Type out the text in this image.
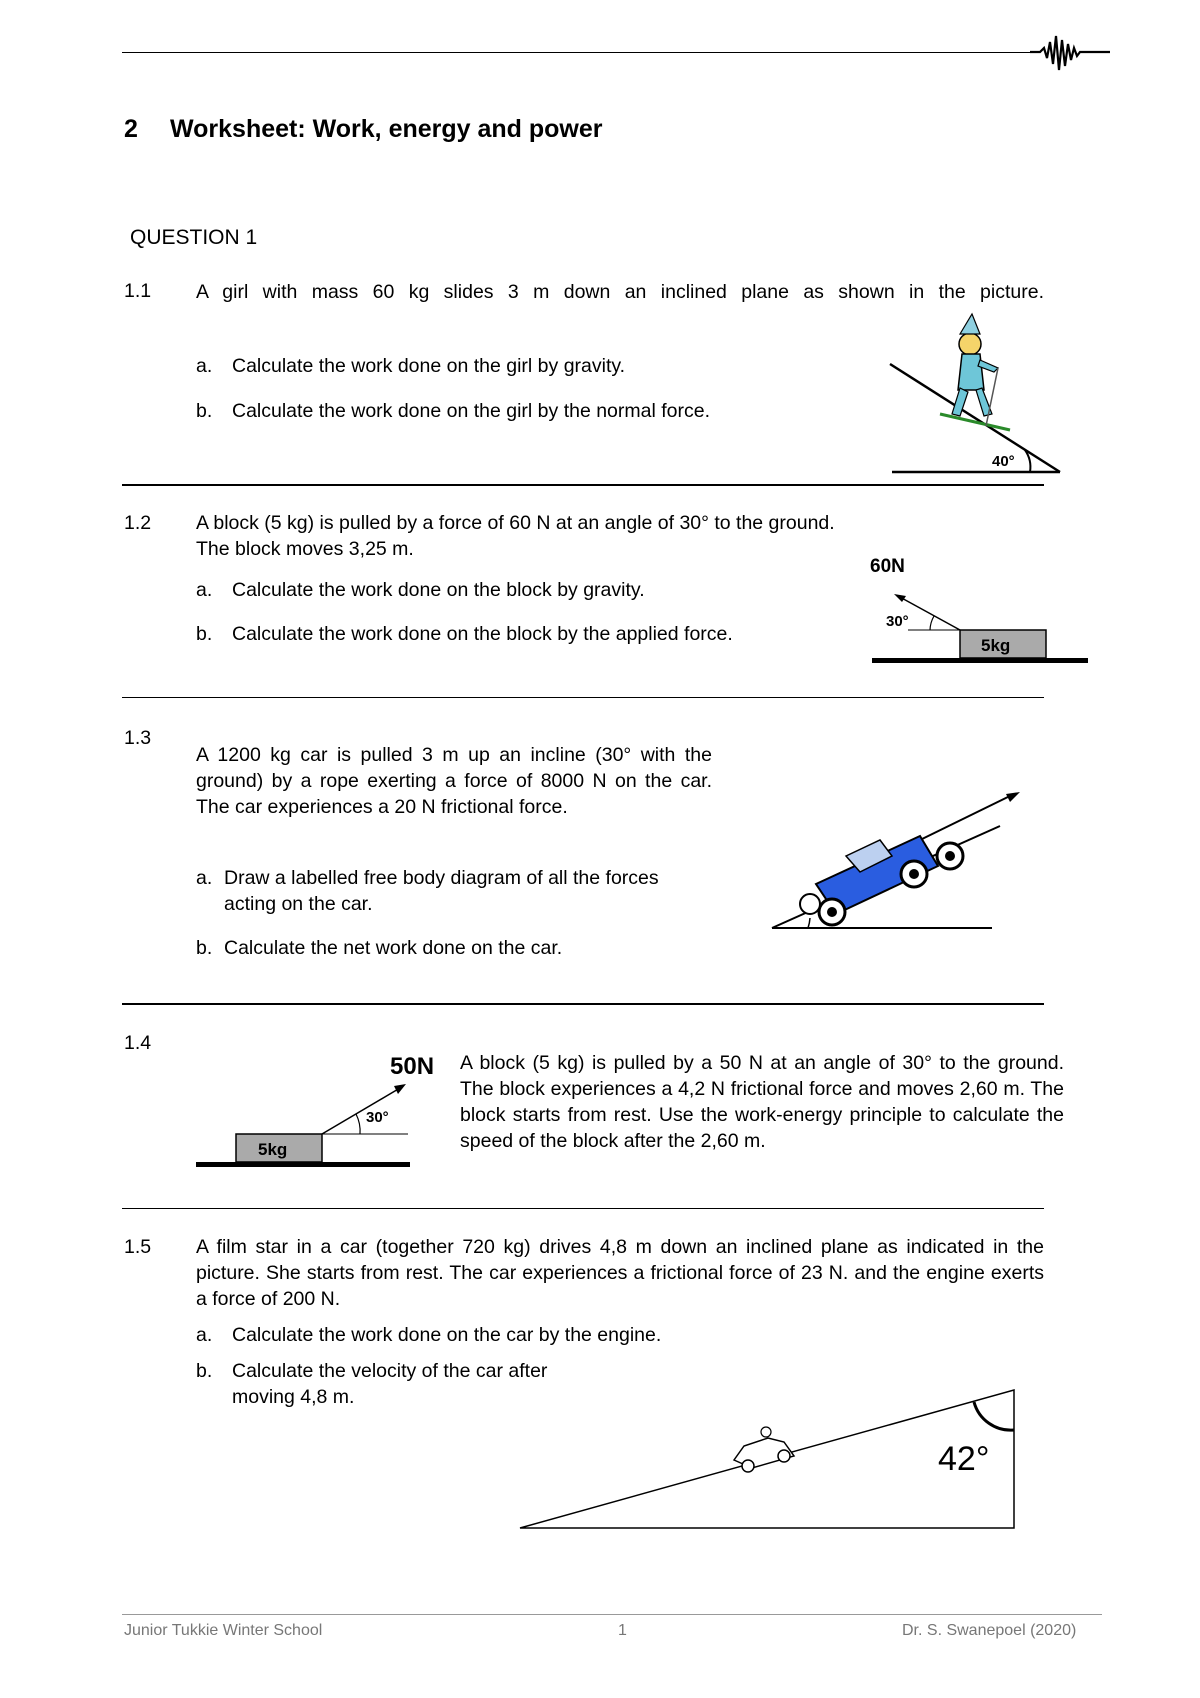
2 Worksheet: Work, energy and power
QUESTION 1
1.1 A girl with mass 60 kg slides 3 m down an inclined plane as shown in the picture.
a. Calculate the work done on the girl by gravity.
b. Calculate the work done on the girl by the normal force.
40°
1.2 A block (5 kg) is pulled by a force of 60 N at an angle of 30° to the ground.
The block moves 3,25 m.
a. Calculate the work done on the block by gravity.
b. Calculate the work done on the block by the applied force.
60N
30°
5kg
1.3
A 1200 kg car is pulled 3 m up an incline (30° with the ground) by a rope exerting a force of 8000 N on the car. The car experiences a 20 N frictional force.
a. Draw a labelled free body diagram of all the forces acting on the car.
b. Calculate the net work done on the car.
1.4
50N
30°
5kg
A block (5 kg) is pulled by a 50 N at an angle of 30° to the ground. The block experiences a 4,2 N frictional force and moves 2,60 m. The block starts from rest. Use the work-energy principle to calculate the speed of the block after the 2,60 m.
1.5 A film star in a car (together 720 kg) drives 4,8 m down an inclined plane as indicated in the picture. She starts from rest. The car experiences a frictional force of 23 N. and the engine exerts a force of 200 N.
a. Calculate the work done on the car by the engine.
b. Calculate the velocity of the car after moving 4,8 m.
42°
Junior Tukkie Winter School	1	Dr. S. Swanepoel (2020)
